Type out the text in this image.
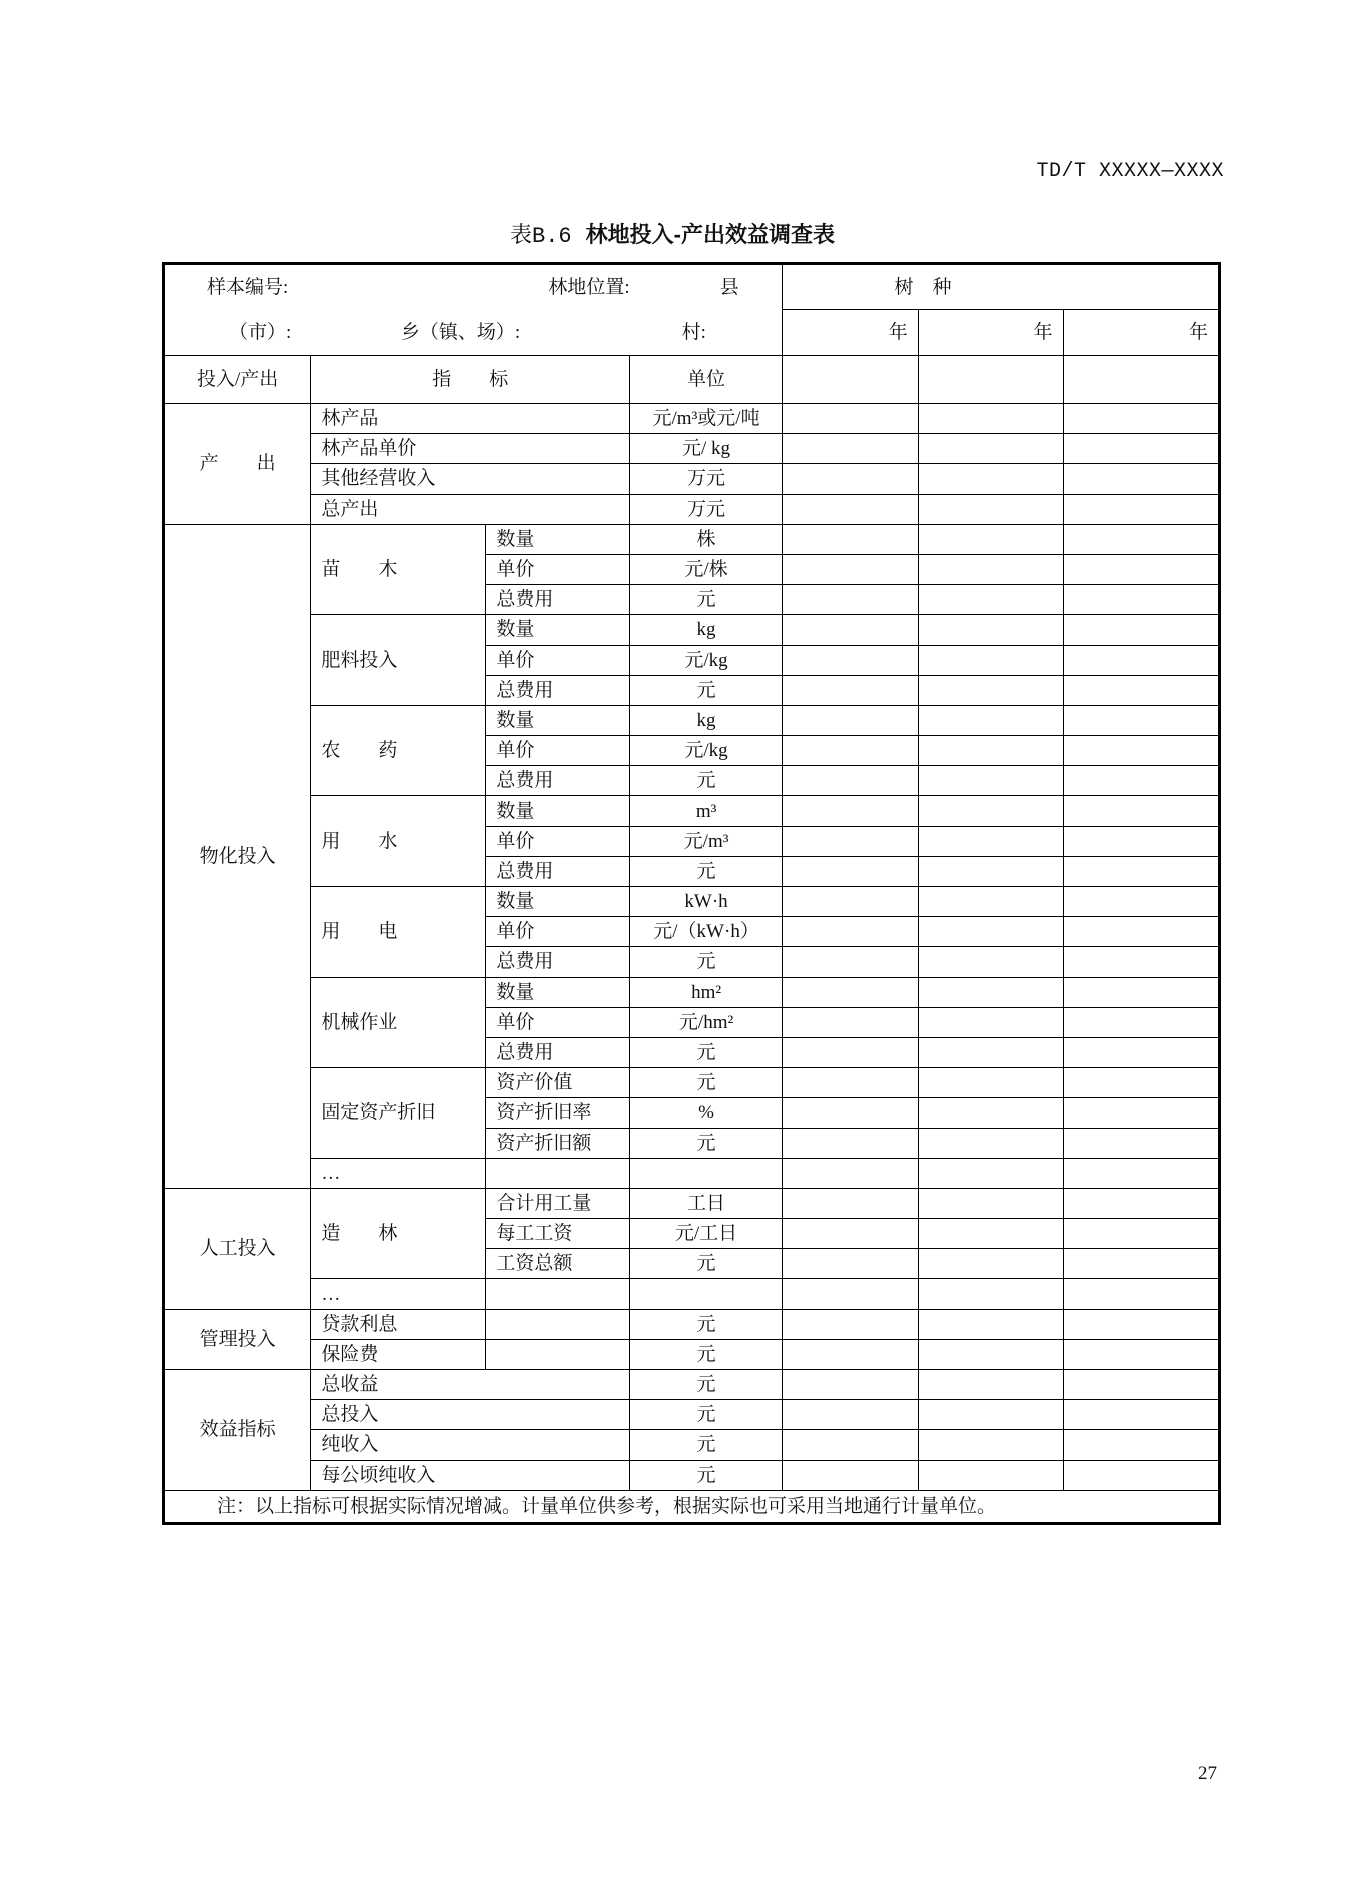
TD/T XXXXX—XXXX
表B.6 林地投入-产出效益调查表
样本编号:		林地位置:	县	树　种		
（市）:	乡（镇、场）:		村:	年	年	年
投入/产出	指　　标		单位			
产　　出	林产品		元/m³或元/吨			
	林产品单价		元/ kg			
	其他经营收入		万元			
	总产出		万元			
物化投入	苗　　木	数量	株			
		单价	元/株			
		总费用	元			
	肥料投入	数量	kg			
		单价	元/kg			
		总费用	元			
	农　　药	数量	kg			
		单价	元/kg			
		总费用	元			
	用　　水	数量	m³			
		单价	元/m³			
		总费用	元			
	用　　电	数量	kW·h			
		单价	元/（kW·h）			
		总费用	元			
	机械作业	数量	hm²			
		单价	元/hm²			
		总费用	元			
	固定资产折旧	资产价值	元			
		资产折旧率	%			
		资产折旧额	元			
	…					
人工投入	造　　林	合计用工量	工日			
		每工工资	元/工日			
		工资总额	元			
	…					
管理投入	贷款利息		元			
	保险费		元			
效益指标	总收益		元			
	总投入		元			
	纯收入		元			
	每公顷纯收入		元			
注：以上指标可根据实际情况增减。计量单位供参考，根据实际也可采用当地通行计量单位。						
27
